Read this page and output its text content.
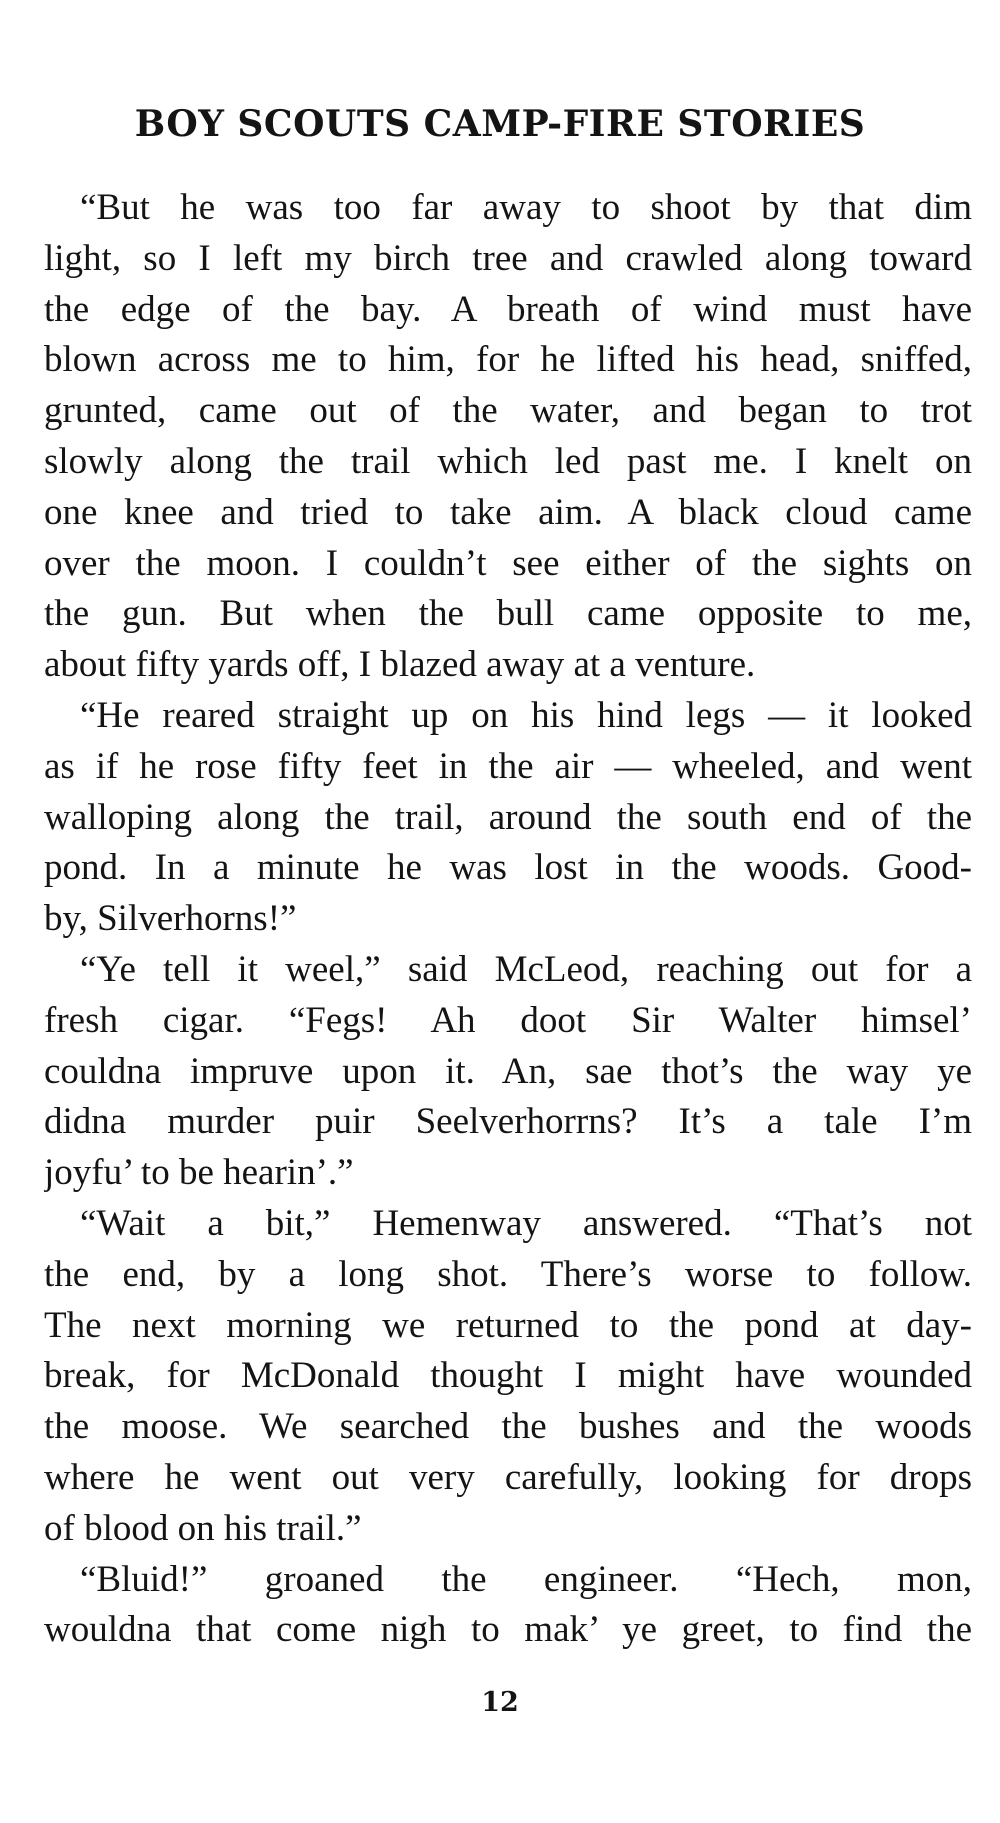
BOY SCOUTS CAMP-FIRE STORIES
“But he was too far away to shoot by that dim
light, so I left my birch tree and crawled along toward
the edge of the bay. A breath of wind must have
blown across me to him, for he lifted his head, sniffed,
grunted, came out of the water, and began to trot
slowly along the trail which led past me. I knelt on
one knee and tried to take aim. A black cloud came
over the moon. I couldn’t see either of the sights on
the gun. But when the bull came opposite to me,
about fifty yards off, I blazed away at a venture.
“He reared straight up on his hind legs — it looked
as if he rose fifty feet in the air — wheeled, and went
walloping along the trail, around the south end of the
pond. In a minute he was lost in the woods. Good-
by, Silverhorns!”
“Ye tell it weel,” said McLeod, reaching out for a
fresh cigar. “Fegs! Ah doot Sir Walter himsel’
couldna impruve upon it. An, sae thot’s the way ye
didna murder puir Seelverhorrns? It’s a tale I’m
joyfu’ to be hearin’.”
“Wait a bit,” Hemenway answered. “That’s not
the end, by a long shot. There’s worse to follow.
The next morning we returned to the pond at day-
break, for McDonald thought I might have wounded
the moose. We searched the bushes and the woods
where he went out very carefully, looking for drops
of blood on his trail.”
“Bluid!” groaned the engineer. “Hech, mon,
wouldna that come nigh to mak’ ye greet, to find the
12
